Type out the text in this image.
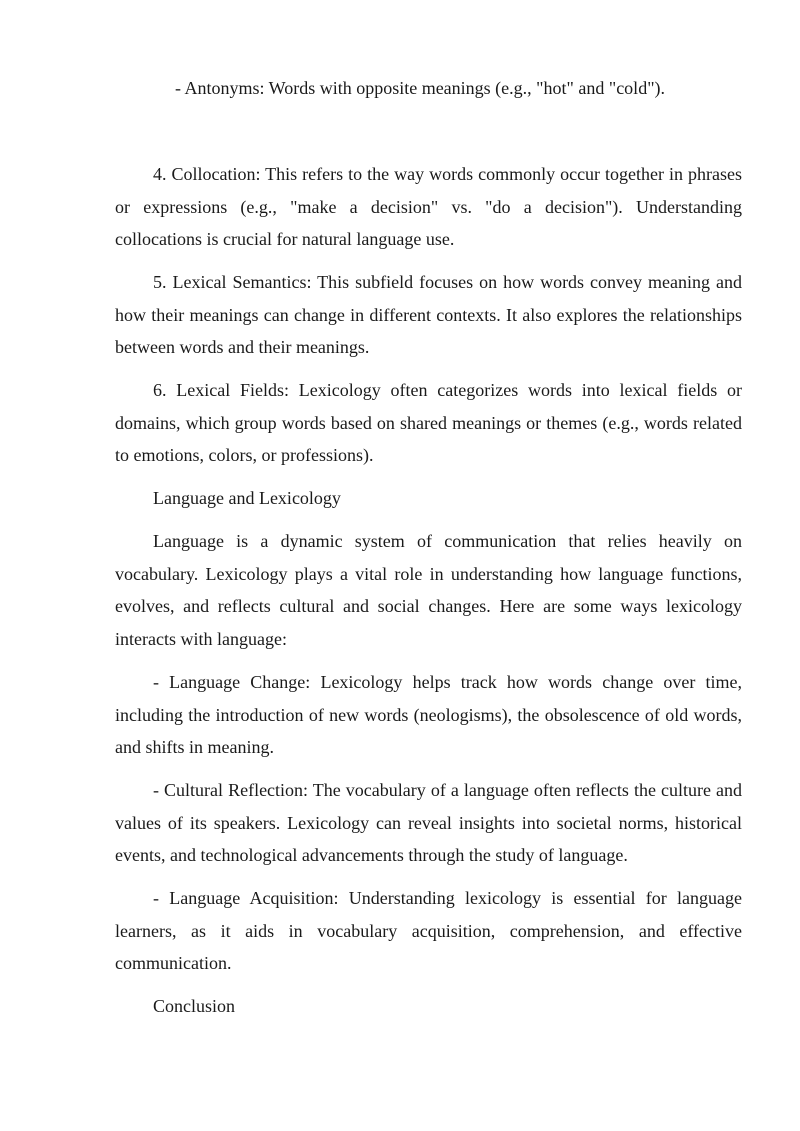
- Antonyms: Words with opposite meanings (e.g., "hot" and "cold").

4. Collocation: This refers to the way words commonly occur together in phrases or expressions (e.g., "make a decision" vs. "do a decision"). Understanding collocations is crucial for natural language use.

5. Lexical Semantics: This subfield focuses on how words convey meaning and how their meanings can change in different contexts. It also explores the relationships between words and their meanings.

6. Lexical Fields: Lexicology often categorizes words into lexical fields or domains, which group words based on shared meanings or themes (e.g., words related to emotions, colors, or professions).

Language and Lexicology

Language is a dynamic system of communication that relies heavily on vocabulary. Lexicology plays a vital role in understanding how language functions, evolves, and reflects cultural and social changes. Here are some ways lexicology interacts with language:

- Language Change: Lexicology helps track how words change over time, including the introduction of new words (neologisms), the obsolescence of old words, and shifts in meaning.

- Cultural Reflection: The vocabulary of a language often reflects the culture and values of its speakers. Lexicology can reveal insights into societal norms, historical events, and technological advancements through the study of language.

- Language Acquisition: Understanding lexicology is essential for language learners, as it aids in vocabulary acquisition, comprehension, and effective communication.

Conclusion
